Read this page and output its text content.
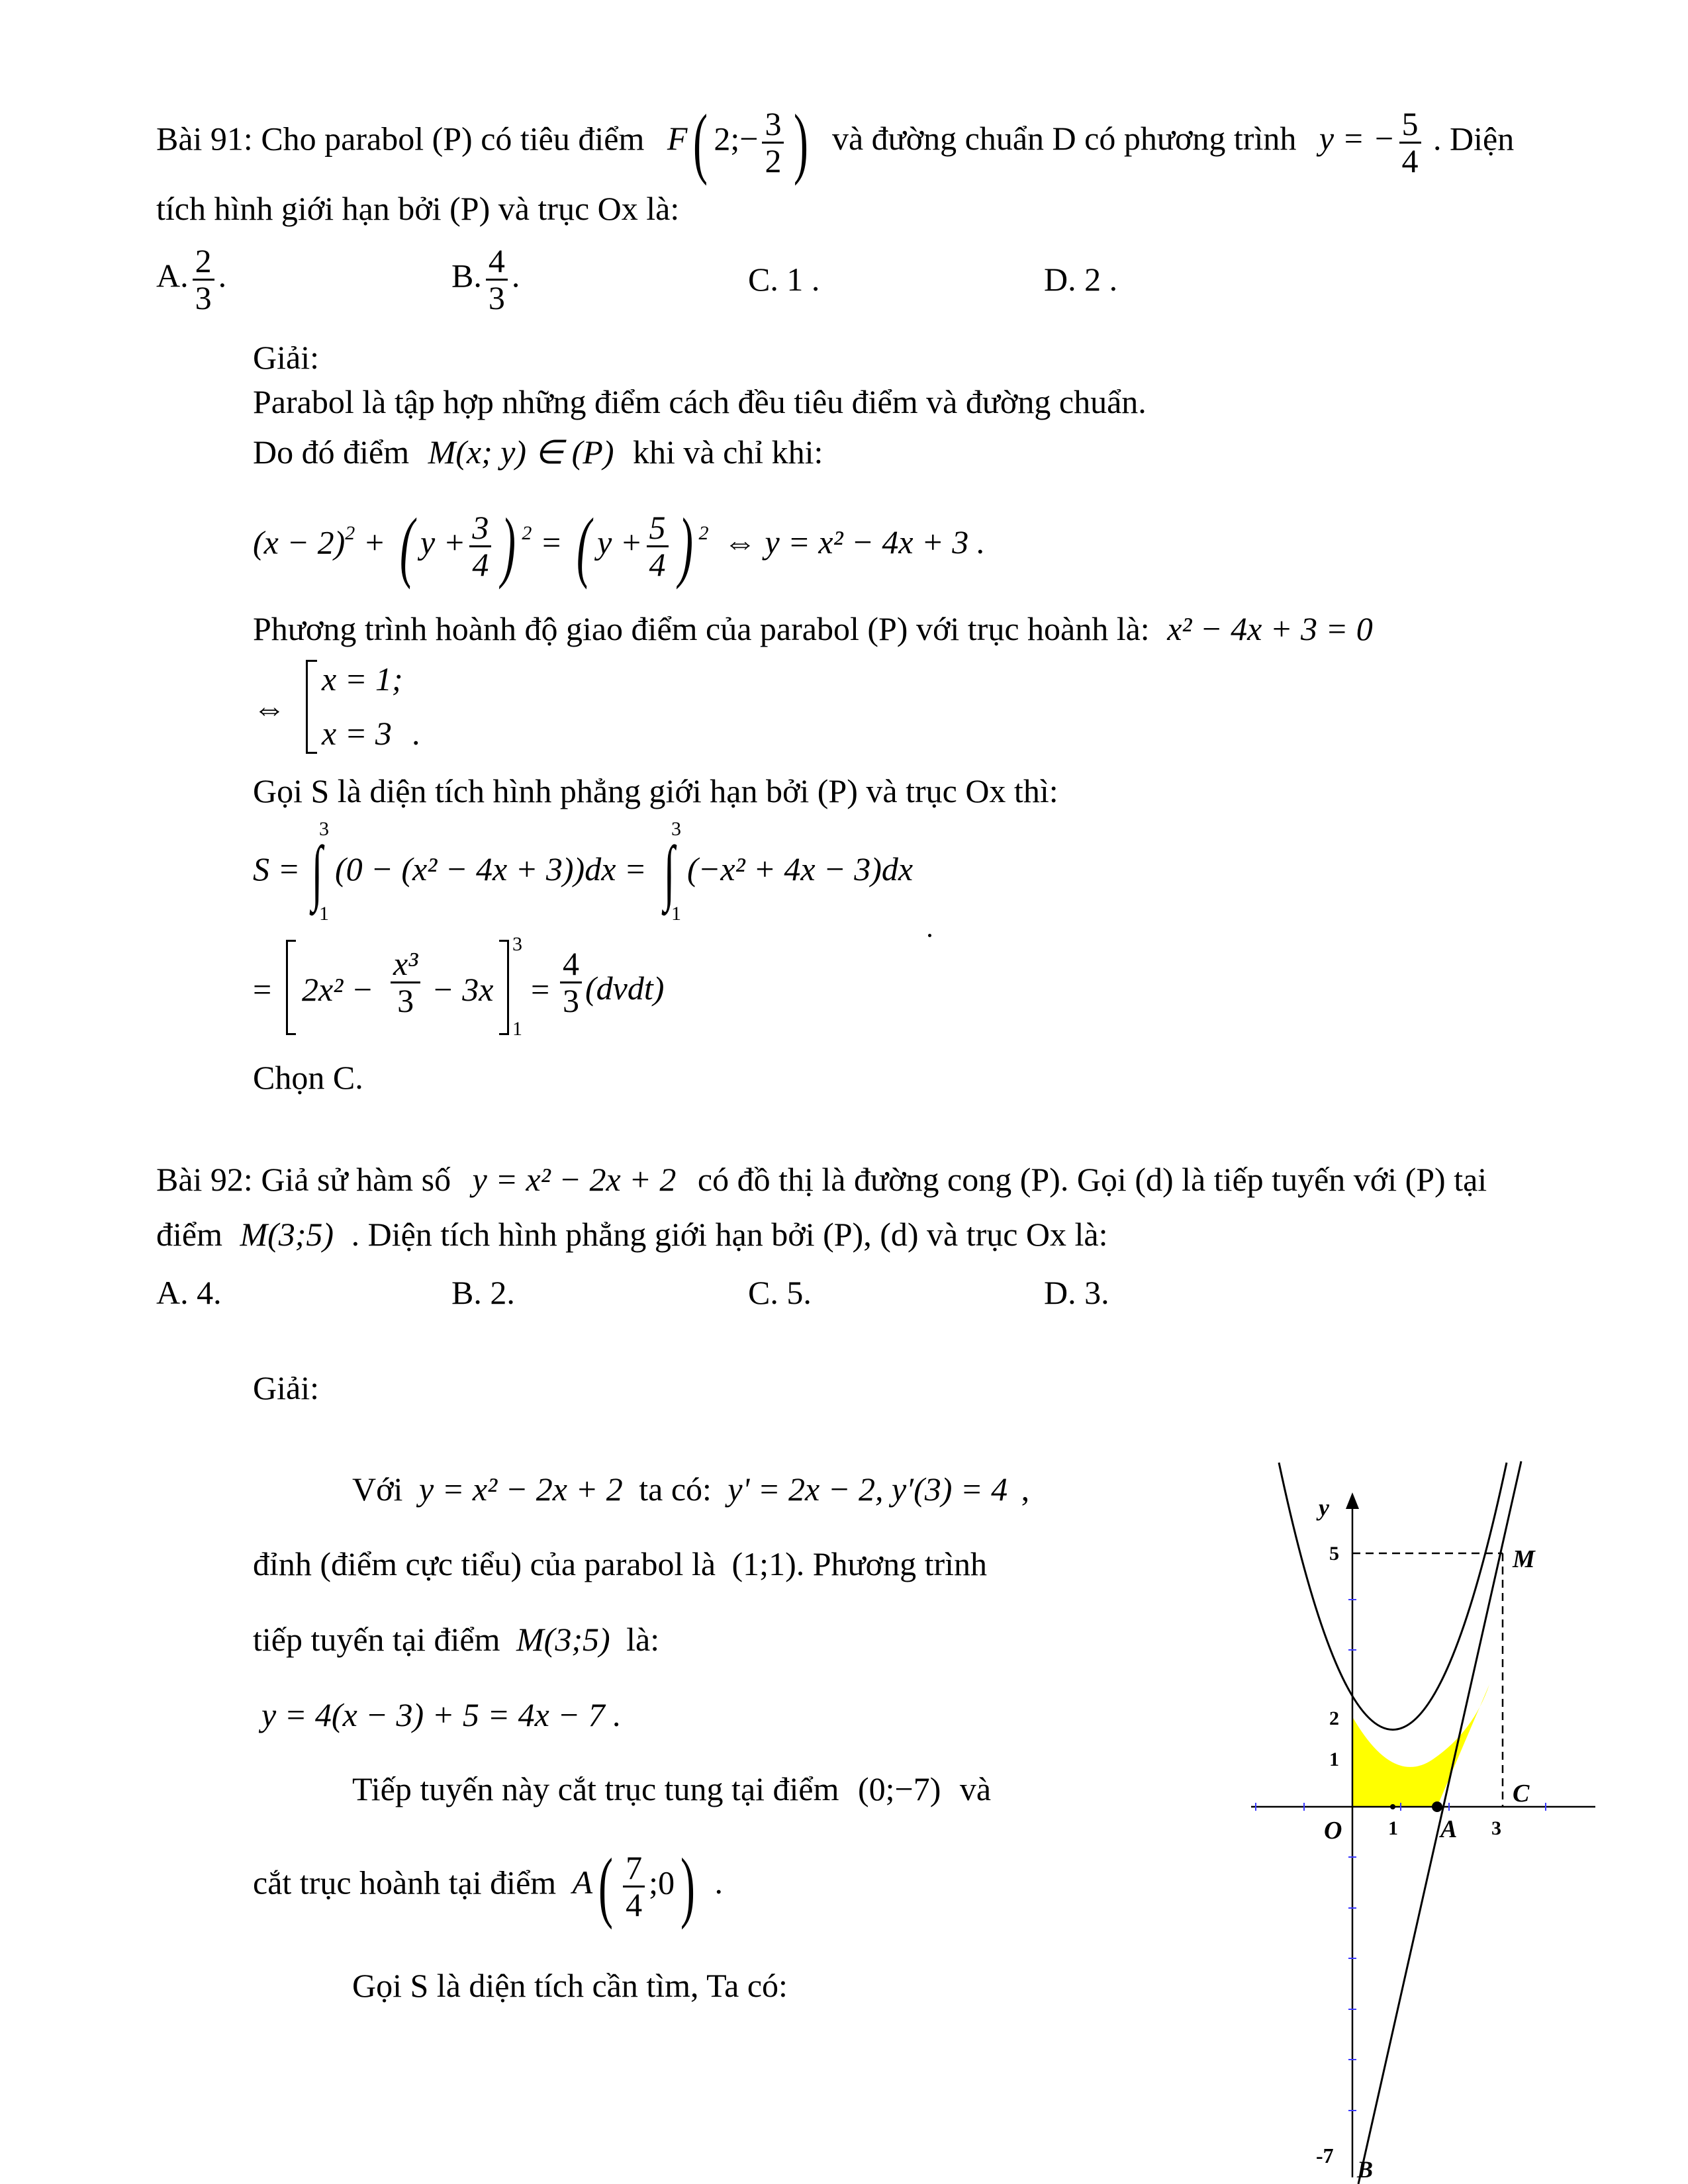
Bài 91: Cho parabol (P) có tiêu điểm F( 2;− $\frac{3}{2}$ ) và đường chuẩn D có phương trình y = − $\frac{5}{4}$ . Diện
tích hình giới hạn bởi (P) và trục Ox là:
A. $\frac{2}{3}$ .	B. $\frac{4}{3}$ .	C. 1 .	D. 2 .
Giải:
Parabol là tập hợp những điểm cách đều tiêu điểm và đường chuẩn.
Do đó điểm M(x; y) ∈ (P) khi và chỉ khi:
$(x - 2)^2$ + ( $y + \frac{3}{4}$ ) $^2$ = ( $y + \frac{5}{4}$ ) $^2$ ⇔ y = x² − 4x + 3 .
Phương trình hoành độ giao điểm của parabol (P) với trục hoành là: x² − 4x + 3 = 0
⇔
x = 1;
x = 3 .
Gọi S là diện tích hình phẳng giới hạn bởi (P) và trục Ox thì:
S = ∫
3
1
(0 − (x² − 4x + 3))dx = ∫
3
1
(−x² + 4x − 3)dx
= $2x^2 - \frac{\text{x³}}{3} - 3x$
3
1
= $\frac{4}{3}$ (dvdt)
Chọn C.
Bài 92: Giả sử hàm số y = x² − 2x + 2 có đồ thị là đường cong (P). Gọi (d) là tiếp tuyến với (P) tại
điểm M(3;5) . Diện tích hình phẳng giới hạn bởi (P), (d) và trục Ox là:
A. 4.	B. 2.	C. 5.	D. 3.
Giải:
Với y = x² − 2x + 2 ta có: y' = 2x − 2, y′(3) = 4 ,
đỉnh (điểm cực tiểu) của parabol là (1;1). Phương trình
tiếp tuyến tại điểm M(3;5) là:
y = 4(x − 3) + 5 = 4x − 7 .
Tiếp tuyến này cắt trục tung tại điểm (0;−7) và
cắt trục hoành tại điểm $A( \frac{7}{4}$ ;0) .
Gọi S là diện tích cần tìm, Ta có:
y
5
2
1
O 1 A 3
C
M
-7
B
